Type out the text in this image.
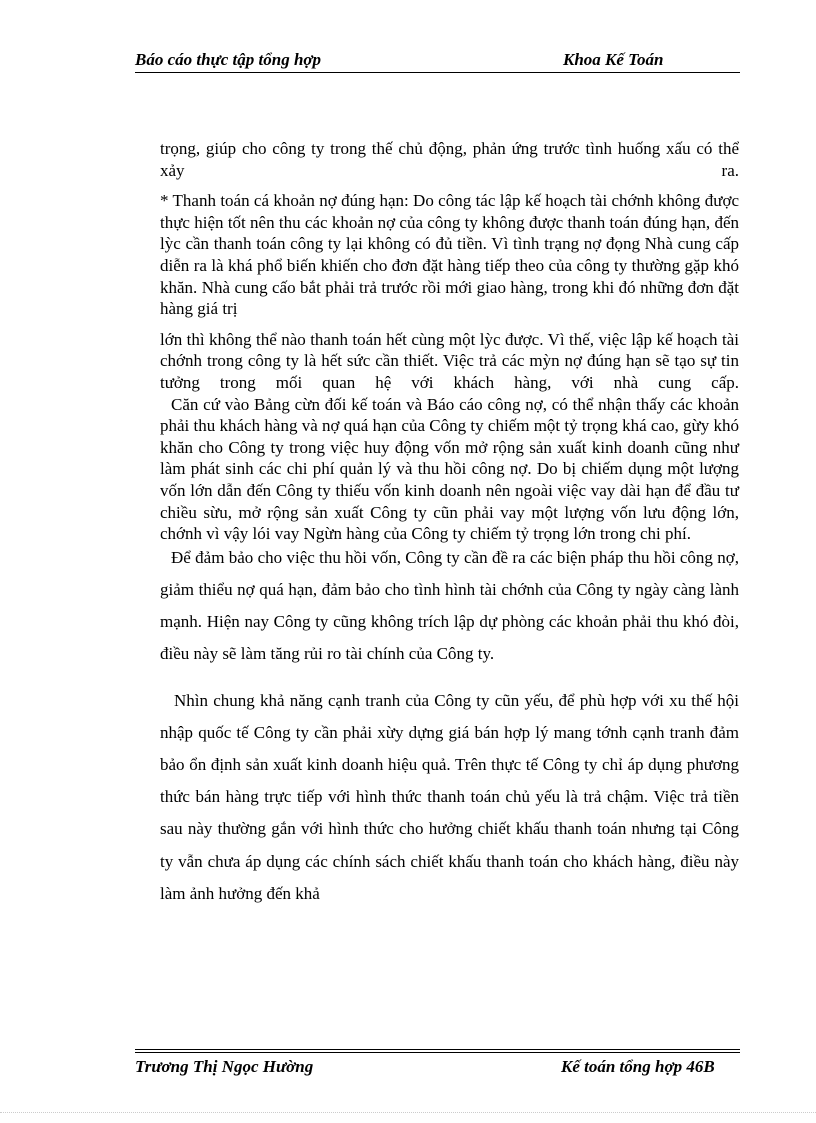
Báo cáo thực tập tổng hợp	Khoa Kế Toán

trọng, giúp cho công ty trong thế chủ động, phản ứng trước tình huống xấu có thể xảy ra.

* Thanh toán cá khoản nợ đúng hạn: Do công tác lập kế hoạch tài chớnh không được thực hiện tốt nên thu các khoản nợ của công ty không được thanh toán đúng hạn, đến lỳc cần thanh toán công ty lại không có đủ tiền. Vì tình trạng nợ đọng Nhà cung cấp diễn ra là khá phổ biến khiến cho đơn đặt hàng tiếp theo của công ty thường gặp khó khăn. Nhà cung cấo bắt phải trả trước rồi mới giao hàng, trong khi đó những đơn đặt hàng giá trị

lớn thì không thể nào thanh toán hết cùng một lỳc được. Vì thế, việc lập kế hoạch tài chớnh trong công ty là hết sức cần thiết. Việc trả các mỳn nợ đúng hạn sẽ tạo sự tin tưởng trong mối quan hệ với khách hàng, với nhà cung cấp.

Căn cứ vào Bảng cừn đối kế toán và Báo cáo công nợ, có thể nhận thấy các khoản phải thu khách hàng và nợ quá hạn của Công ty chiếm một tỷ trọng khá cao, gừy khó khăn cho Công ty trong việc huy động vốn mở rộng sản xuất kinh doanh cũng như làm phát sinh các chi phí quản lý và thu hồi công nợ. Do bị chiếm dụng một lượng vốn lớn dẫn đến Công ty thiếu vốn kinh doanh nên ngoài việc vay dài hạn để đầu tư chiều sừu, mở rộng sản xuất Công ty cũn phải vay một lượng vốn lưu động lớn, chớnh vì vậy lói vay Ngừn hàng của Công ty chiếm tỷ trọng lớn trong chi phí.

Để đảm bảo cho việc thu hồi vốn, Công ty cần đề ra các biện pháp thu hồi công nợ, giảm thiểu nợ quá hạn, đảm bảo cho tình hình tài chớnh của Công ty ngày càng lành mạnh. Hiện nay Công ty cũng không trích lập dự phòng các khoản phải thu khó đòi, điều này sẽ làm tăng rủi ro tài chính của Công ty.

Nhìn chung khả năng cạnh tranh của Công ty cũn yếu, để phù hợp với xu thế hội nhập quốc tế Công ty cần phải xừy dựng giá bán hợp lý mang tớnh cạnh tranh đảm bảo ổn định sản xuất kinh doanh hiệu quả. Trên thực tế Công ty chỉ áp dụng phương thức bán hàng trực tiếp với hình thức thanh toán chủ yếu là trả chậm. Việc trả tiền sau này thường gắn với hình thức cho hưởng chiết khấu thanh toán nhưng tại Công ty vẫn chưa áp dụng các chính sách chiết khấu thanh toán cho khách hàng, điều này làm ảnh hưởng đến khả

Trương Thị Ngọc Hường	Kế toán tổng hợp 46B
